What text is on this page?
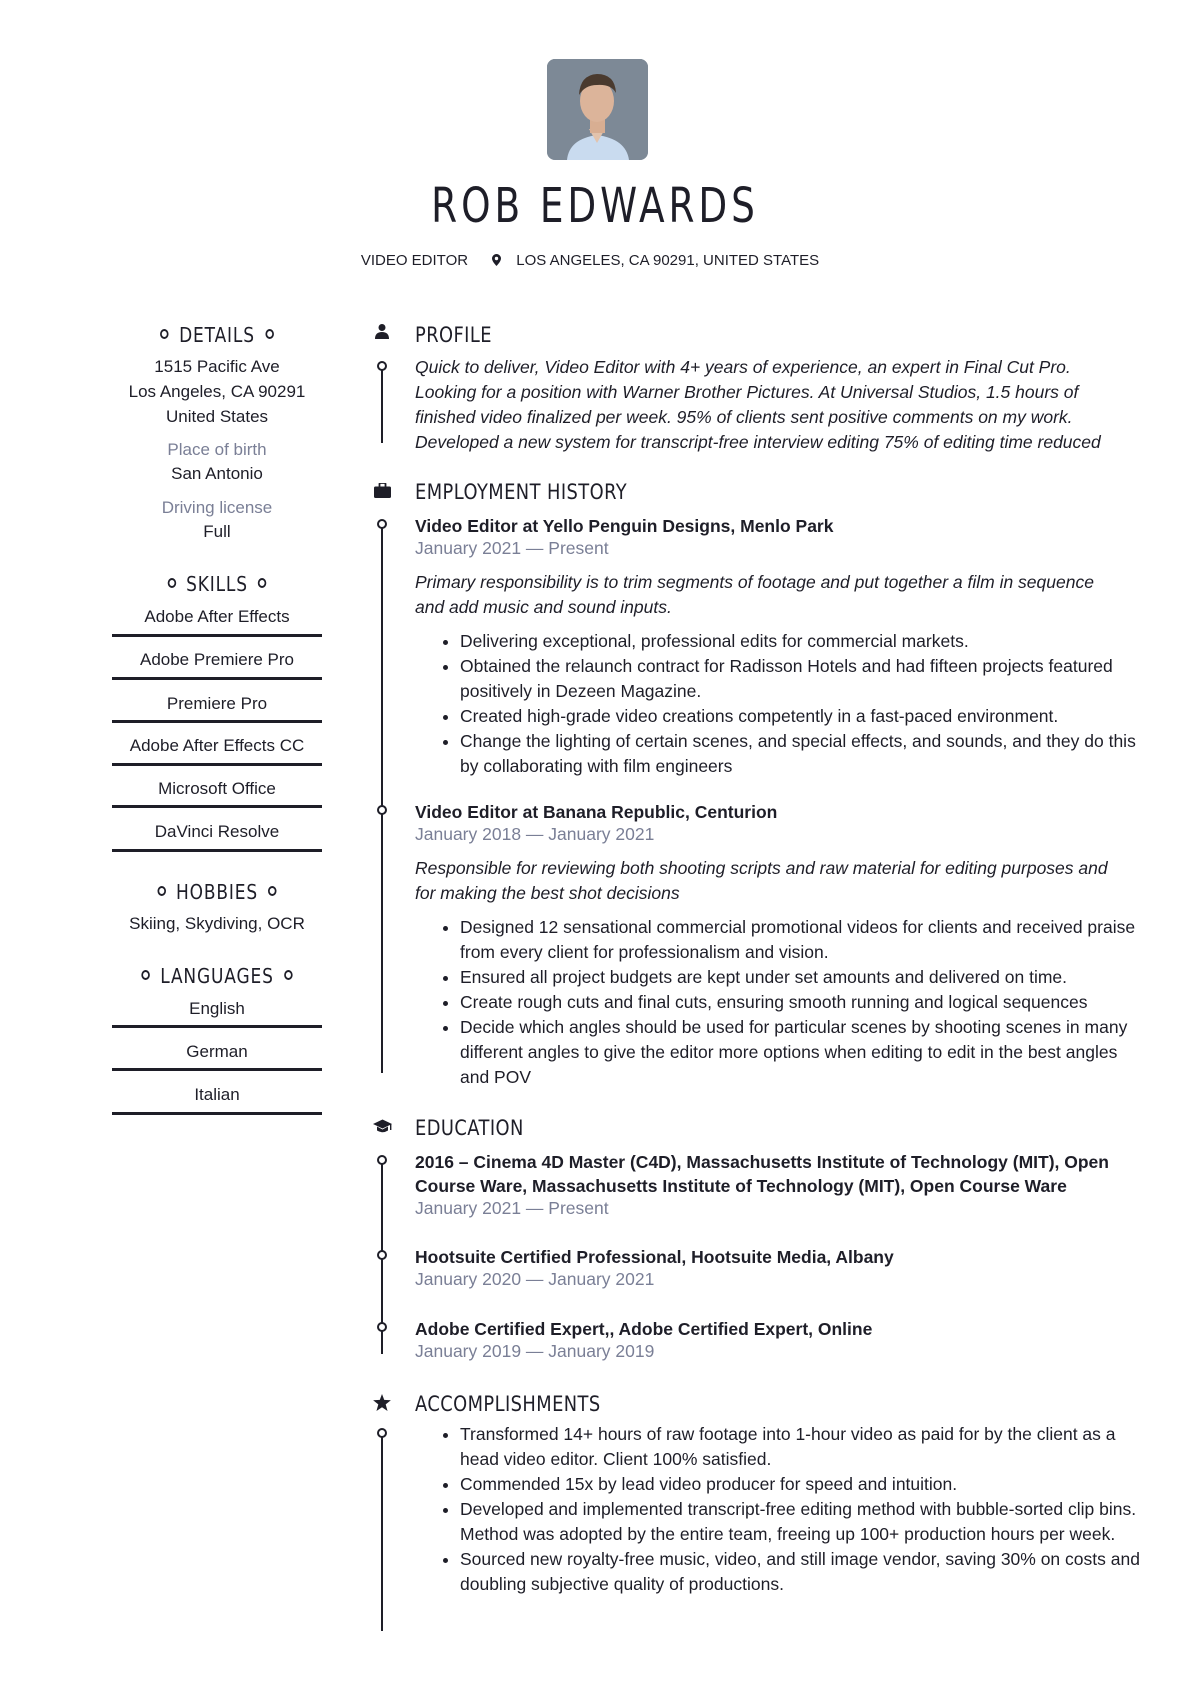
ROB EDWARDS
VIDEO EDITOR	LOS ANGELES, CA 90291, UNITED STATES
DETAILS
1515 Pacific Ave
Los Angeles, CA 90291
United States
Place of birth
San Antonio
Driving license
Full
SKILLS
Adobe After Effects
Adobe Premiere Pro
Premiere Pro
Adobe After Effects CC
Microsoft Office
DaVinci Resolve
HOBBIES
Skiing, Skydiving, OCR
LANGUAGES
English
German
Italian
PROFILE
Quick to deliver, Video Editor with 4+ years of experience, an expert in Final Cut Pro. Looking for a position with Warner Brother Pictures. At Universal Studios, 1.5 hours of finished video finalized per week. 95% of clients sent positive comments on my work. Developed a new system for transcript-free interview editing 75% of editing time reduced
EMPLOYMENT HISTORY
Video Editor at Yello Penguin Designs, Menlo Park
January 2021 — Present
Primary responsibility is to trim segments of footage and put together a film in sequence and add music and sound inputs.
• Delivering exceptional, professional edits for commercial markets.
• Obtained the relaunch contract for Radisson Hotels and had fifteen projects featured positively in Dezeen Magazine.
• Created high-grade video creations competently in a fast-paced environment.
• Change the lighting of certain scenes, and special effects, and sounds, and they do this by collaborating with film engineers
Video Editor at Banana Republic, Centurion
January 2018 — January 2021
Responsible for reviewing both shooting scripts and raw material for editing purposes and for making the best shot decisions
• Designed 12 sensational commercial promotional videos for clients and received praise from every client for professionalism and vision.
• Ensured all project budgets are kept under set amounts and delivered on time.
• Create rough cuts and final cuts, ensuring smooth running and logical sequences
• Decide which angles should be used for particular scenes by shooting scenes in many different angles to give the editor more options when editing to edit in the best angles and POV
EDUCATION
2016 – Cinema 4D Master (C4D), Massachusetts Institute of Technology (MIT), Open Course Ware, Massachusetts Institute of Technology (MIT), Open Course Ware
January 2021 — Present
Hootsuite Certified Professional, Hootsuite Media, Albany
January 2020 — January 2021
Adobe Certified Expert,, Adobe Certified Expert, Online
January 2019 — January 2019
ACCOMPLISHMENTS
• Transformed 14+ hours of raw footage into 1-hour video as paid for by the client as a head video editor. Client 100% satisfied.
• Commended 15x by lead video producer for speed and intuition.
• Developed and implemented transcript-free editing method with bubble-sorted clip bins. Method was adopted by the entire team, freeing up 100+ production hours per week.
• Sourced new royalty-free music, video, and still image vendor, saving 30% on costs and doubling subjective quality of productions.
